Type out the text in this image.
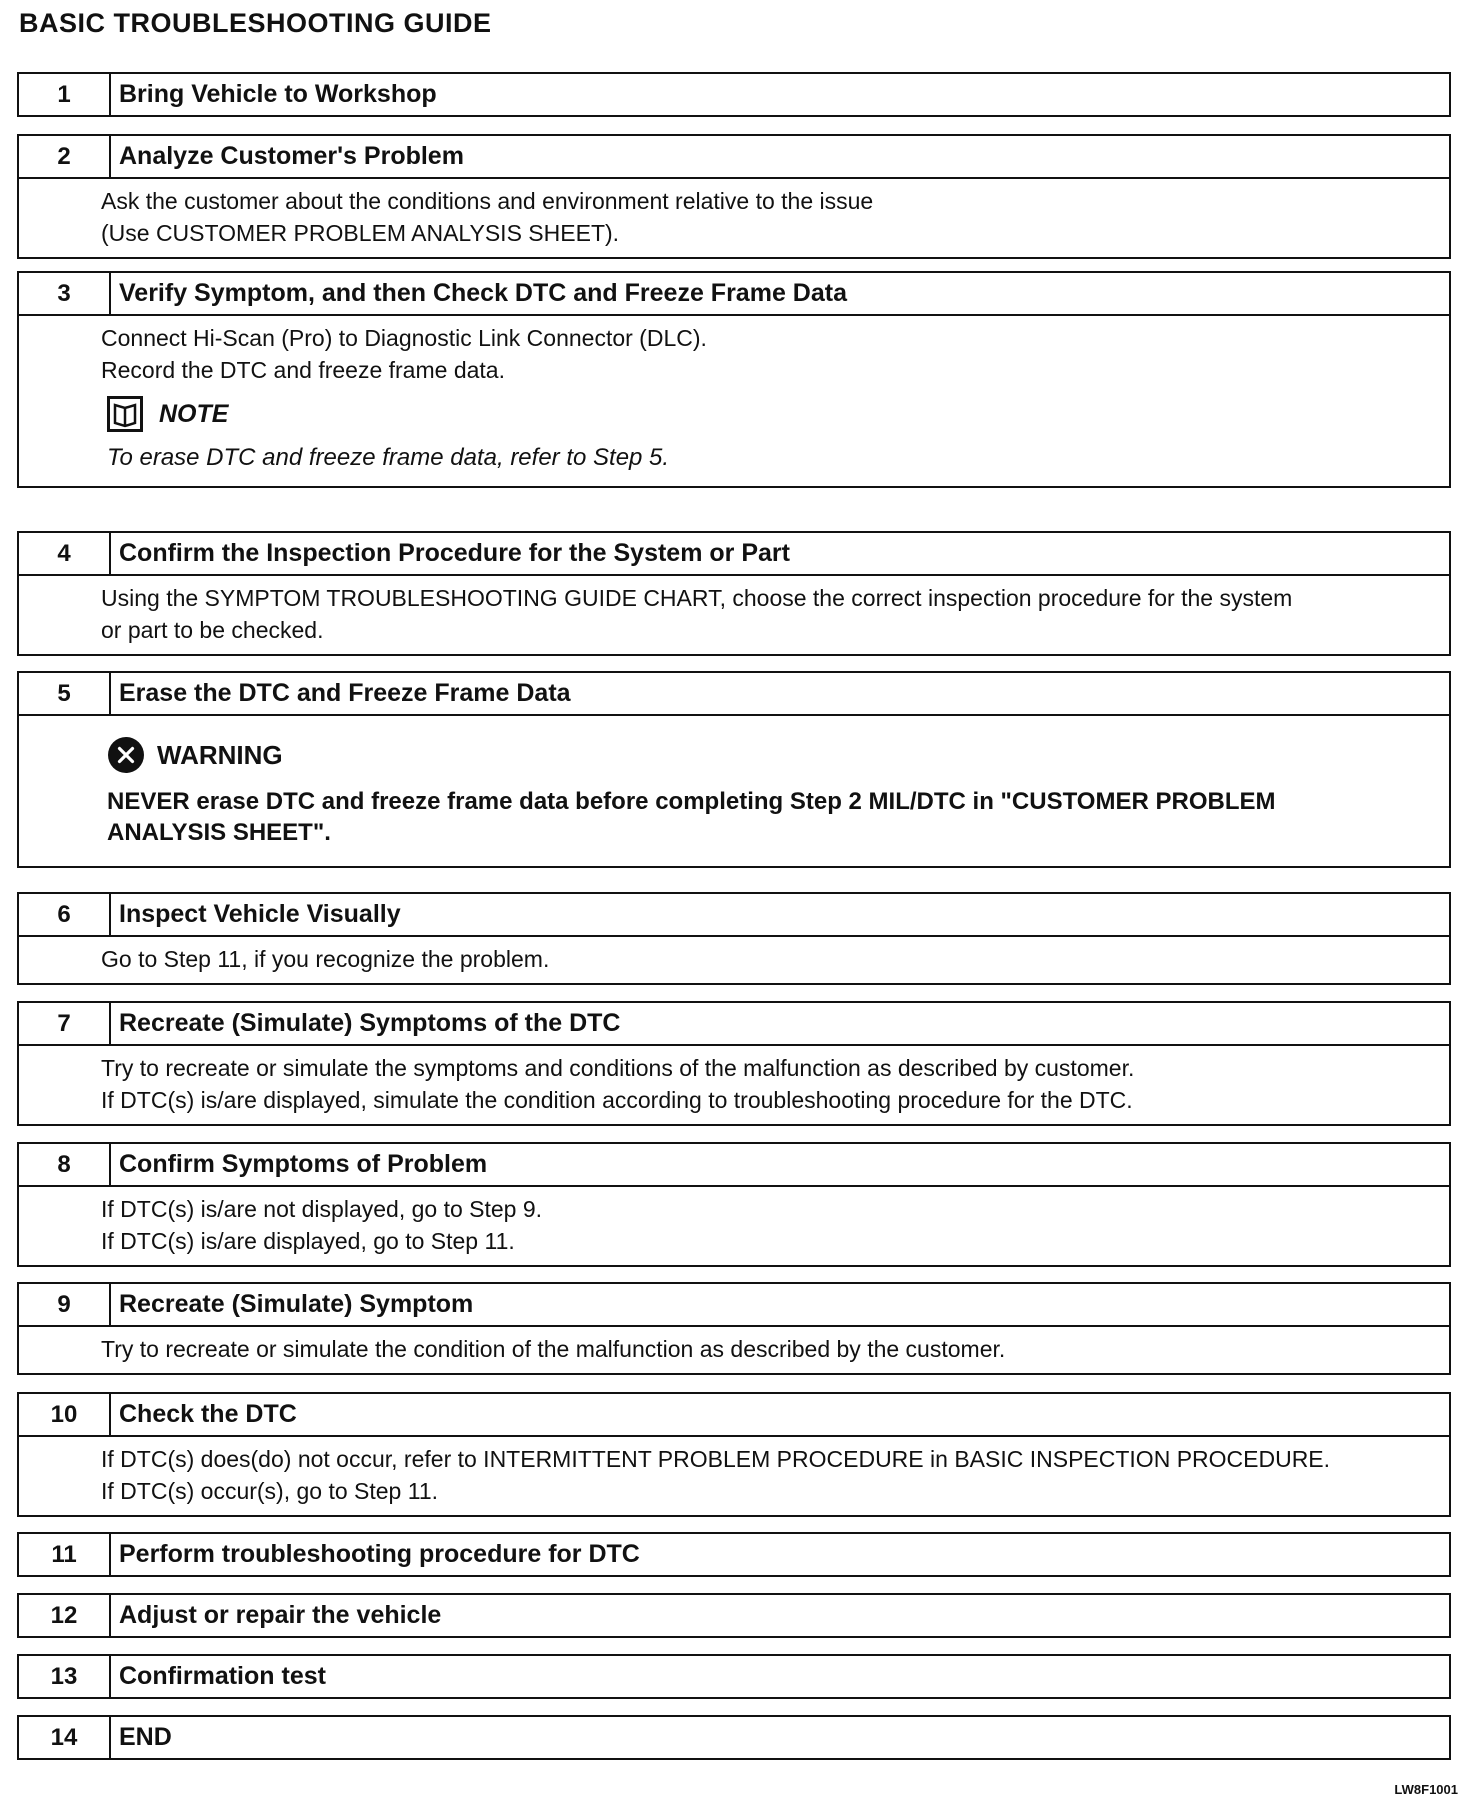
BASIC TROUBLESHOOTING GUIDE
1	Bring Vehicle to Workshop
2	Analyze Customer's Problem

Ask the customer about the conditions and environment relative to the issue

(Use CUSTOMER PROBLEM ANALYSIS SHEET).

3	Verify Symptom, and then Check DTC and Freeze Frame Data

Connect Hi-Scan (Pro) to Diagnostic Link Connector (DLC).

Record the DTC and freeze frame data.

NOTE

To erase DTC and freeze frame data, refer to Step 5.

4	Confirm the Inspection Procedure for the System or Part

Using the SYMPTOM TROUBLESHOOTING GUIDE CHART, choose the correct inspection procedure for the system

or part to be checked.

5	Erase the DTC and Freeze Frame Data
WARNING

NEVER erase DTC and freeze frame data before completing Step 2 MIL/DTC in "CUSTOMER PROBLEM
ANALYSIS SHEET".

6	Inspect Vehicle Visually

Go to Step 11, if you recognize the problem.

7	Recreate (Simulate) Symptoms of the DTC

Try to recreate or simulate the symptoms and conditions of the malfunction as described by customer.

If DTC(s) is/are displayed, simulate the condition according to troubleshooting procedure for the DTC.

8	Confirm Symptoms of Problem

If DTC(s) is/are not displayed, go to Step 9.

If DTC(s) is/are displayed, go to Step 11.

9	Recreate (Simulate) Symptom

Try to recreate or simulate the condition of the malfunction as described by the customer.

10	Check the DTC

If DTC(s) does(do) not occur, refer to INTERMITTENT PROBLEM PROCEDURE in BASIC INSPECTION PROCEDURE.

If DTC(s) occur(s), go to Step 11.

11	Perform troubleshooting procedure for DTC
12	Adjust or repair the vehicle
13	Confirmation test
14	END
LW8F1001
